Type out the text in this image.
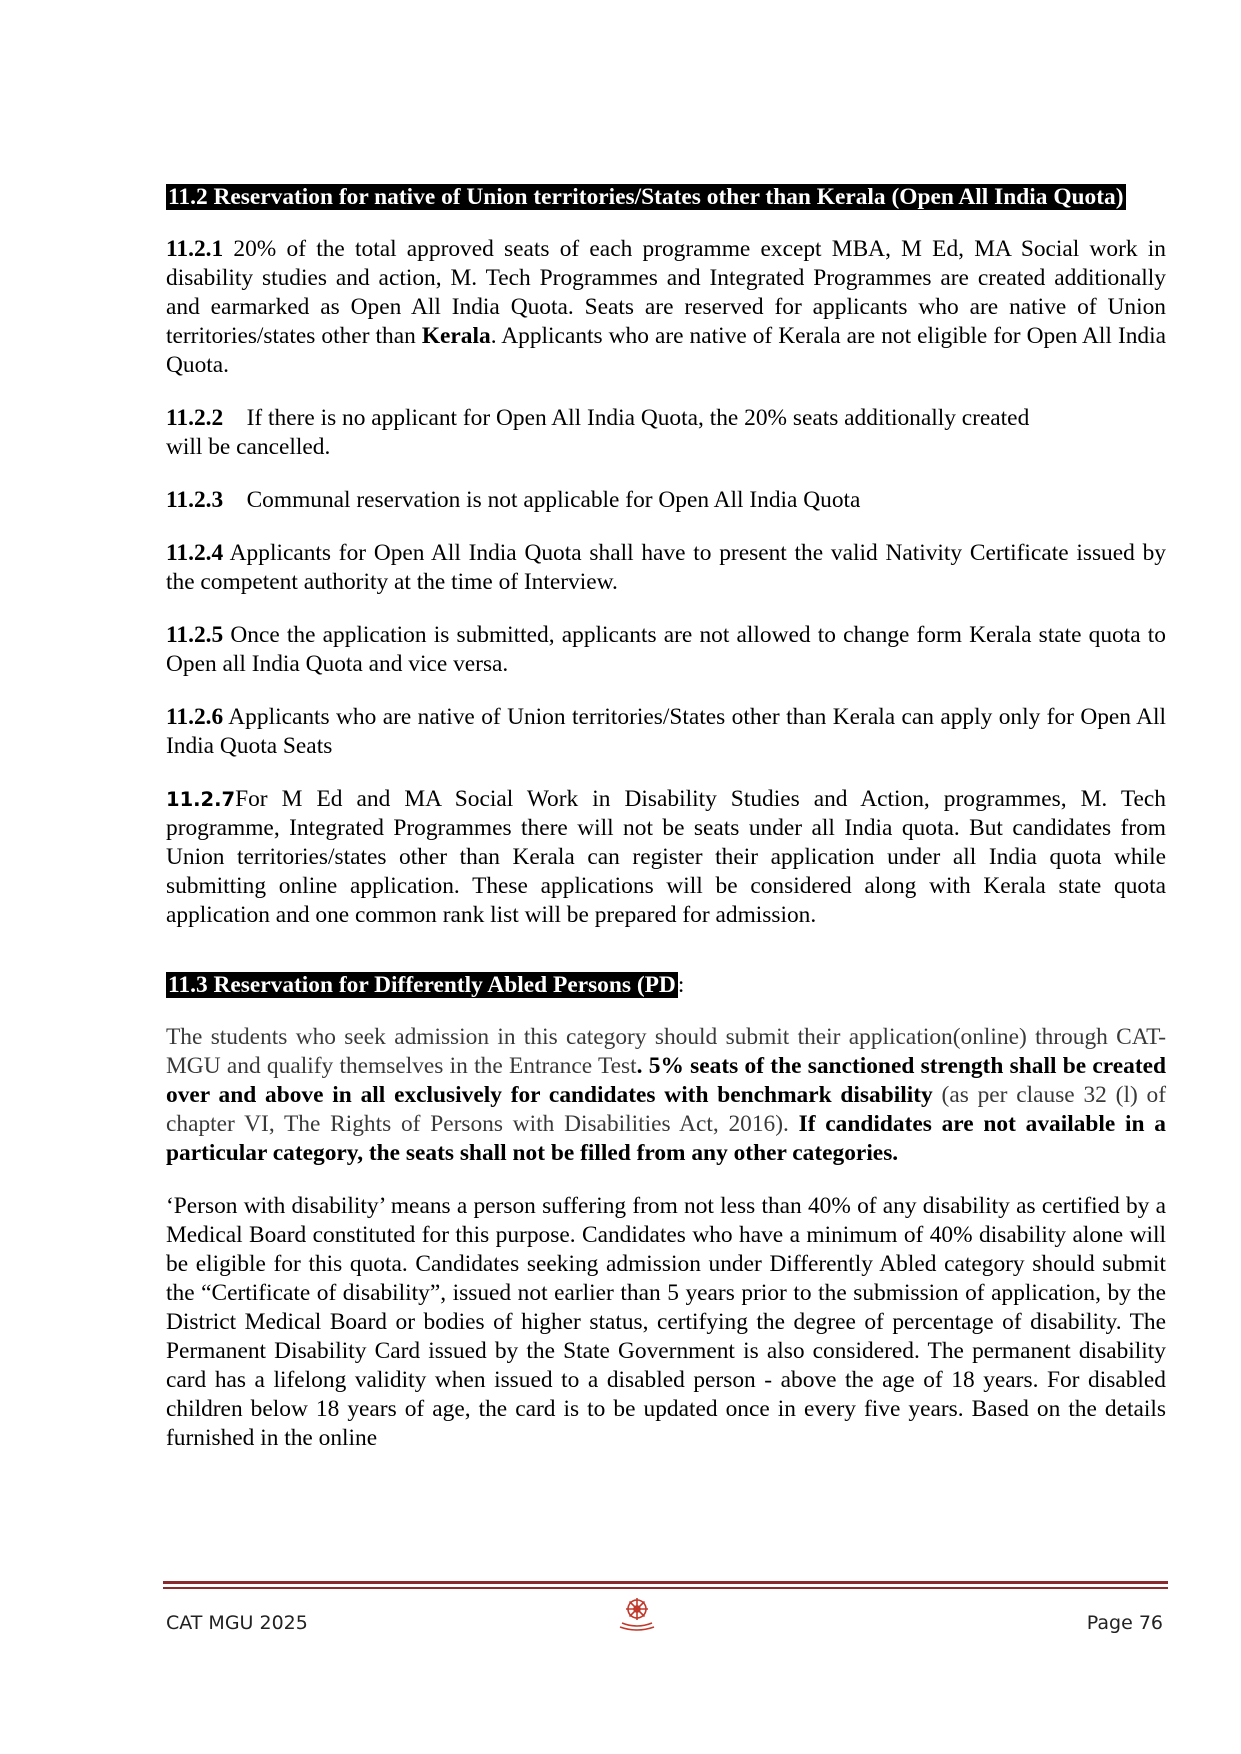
11.2 Reservation for native of Union territories/States other than Kerala (Open All India Quota)

11.2.1 20% of the total approved seats of each programme except MBA, M Ed, MA Social work in disability studies and action, M. Tech Programmes and Integrated Programmes are created additionally and earmarked as Open All India Quota. Seats are reserved for applicants who are native of Union territories/states other than Kerala. Applicants who are native of Kerala are not eligible for Open All India Quota.

11.2.2 If there is no applicant for Open All India Quota, the 20% seats additionally created
will be cancelled.

11.2.3 Communal reservation is not applicable for Open All India Quota

11.2.4 Applicants for Open All India Quota shall have to present the valid Nativity Certificate issued by the competent authority at the time of Interview.

11.2.5 Once the application is submitted, applicants are not allowed to change form Kerala state quota to Open all India Quota and vice versa.

11.2.6 Applicants who are native of Union territories/States other than Kerala can apply only for Open All India Quota Seats

11.2.7For M Ed and MA Social Work in Disability Studies and Action, programmes, M. Tech programme, Integrated Programmes there will not be seats under all India quota. But candidates from Union territories/states other than Kerala can register their application under all India quota while submitting online application. These applications will be considered along with Kerala state quota application and one common rank list will be prepared for admission.

11.3 Reservation for Differently Abled Persons (PD:

The students who seek admission in this category should submit their application(online) through CAT- MGU and qualify themselves in the Entrance Test. 5% seats of the sanctioned strength shall be created over and above in all exclusively for candidates with benchmark disability (as per clause 32 (l) of chapter VI, The Rights of Persons with Disabilities Act, 2016). If candidates are not available in a particular category, the seats shall not be filled from any other categories.

‘Person with disability’ means a person suffering from not less than 40% of any disability as certified by a Medical Board constituted for this purpose. Candidates who have a minimum of 40% disability alone will be eligible for this quota. Candidates seeking admission under Differently Abled category should submit the “Certificate of disability”, issued not earlier than 5 years prior to the submission of application, by the District Medical Board or bodies of higher status, certifying the degree of percentage of disability. The Permanent Disability Card issued by the State Government is also considered. The permanent disability card has a lifelong validity when issued to a disabled person - above the age of 18 years. For disabled children below 18 years of age, the card is to be updated once in every five years. Based on the details furnished in the online

CAT MGU 2025	Page 76
